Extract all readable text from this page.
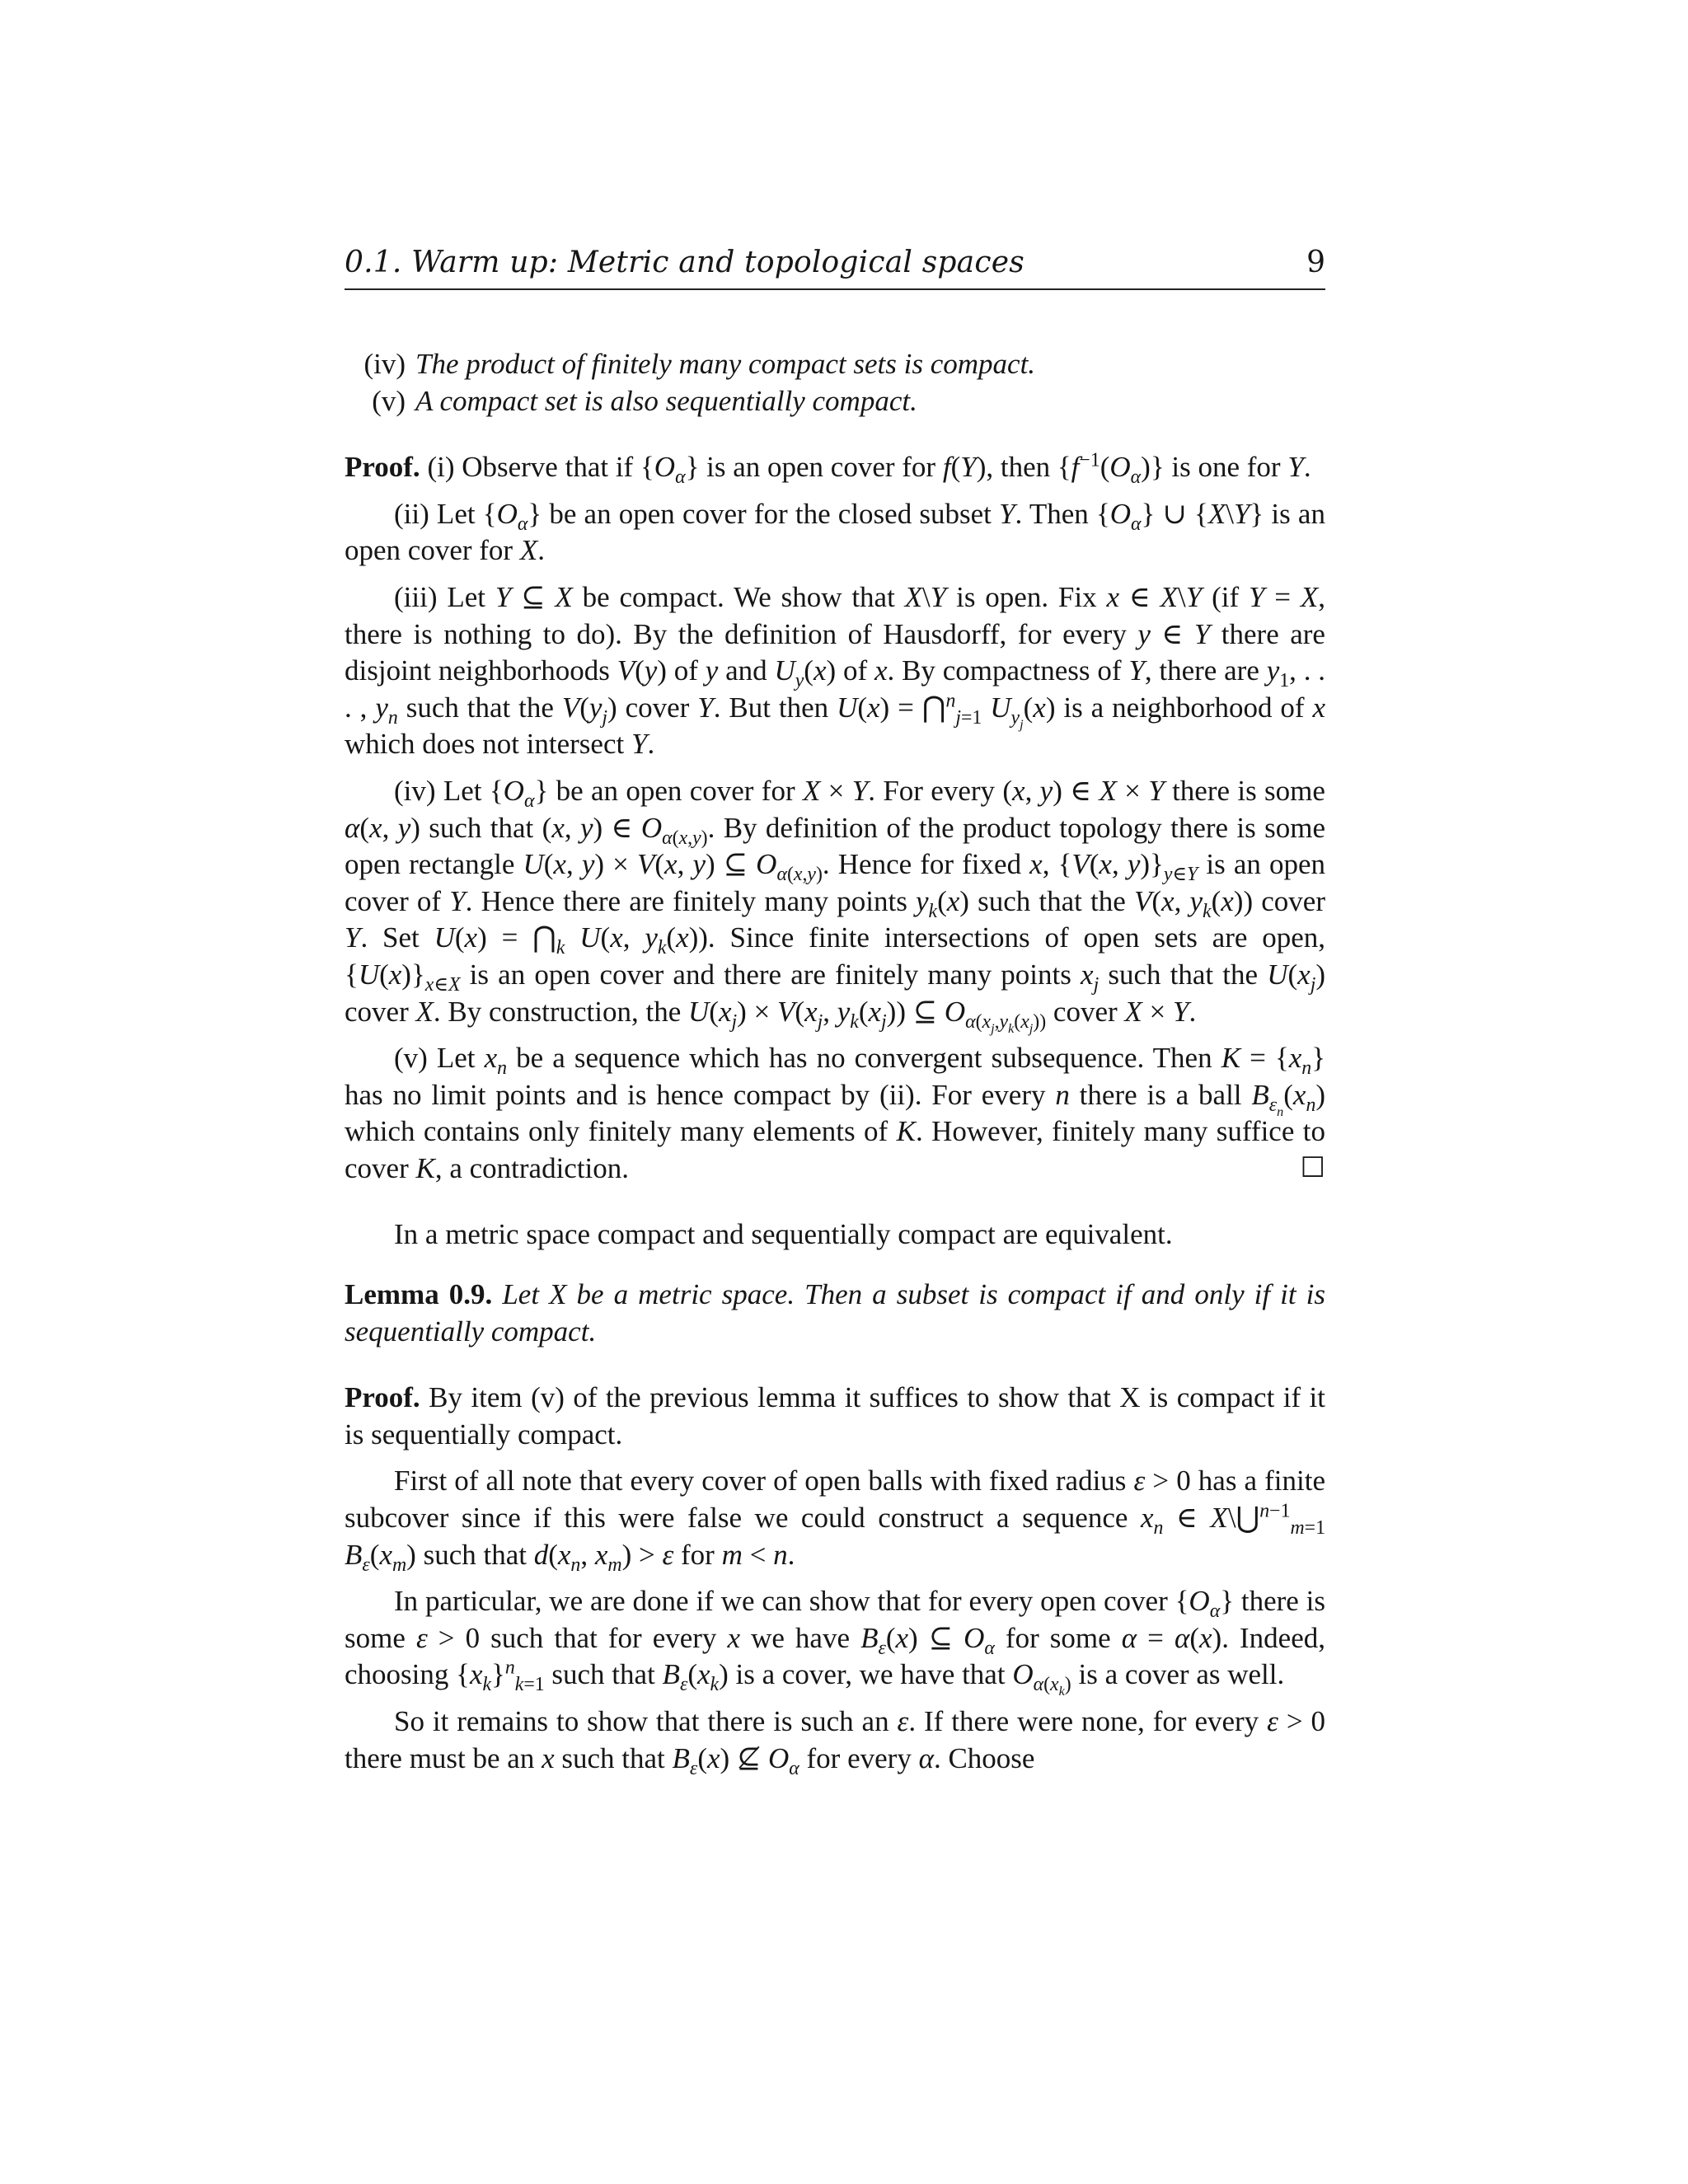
0.1. Warm up: Metric and topological spaces	9

(iv) The product of finitely many compact sets is compact.

(v) A compact set is also sequentially compact.

Proof. (i) Observe that if $\{O_\alpha\}$ is an open cover for f(Y), then $\{f^{-1}(O_\alpha)\}$ is one for Y.

(ii) Let $\{O_\alpha\}$ be an open cover for the closed subset Y. Then $\{O_\alpha\}$ ∪ {X\Y} is an open cover for X.

(iii) Let Y ⊆ X be compact. We show that X\Y is open. Fix x ∈ X\Y (if Y = X, there is nothing to do). By the definition of Hausdorff, for every y ∈ Y there are disjoint neighborhoods V(y) of y and $U_y(x)$ of x. By compactness of Y, there are $y_1$, . . . , $y_n$ such that the $V(y_j)$ cover Y. But then U(x) = ⋂$^n_{j=1}$ $U_{y_j}(x)$ is a neighborhood of x which does not intersect Y.

(iv) Let $\{O_\alpha\}$ be an open cover for X × Y. For every (x, y) ∈ X × Y there is some α(x, y) such that (x, y) ∈ $O_{\alpha(x,y)}$. By definition of the product topology there is some open rectangle U(x, y) × V(x, y) ⊆ $O_{\alpha(x,y)}$. Hence for fixed x, {V(x, $y)\}_{y\in Y}$ is an open cover of Y. Hence there are finitely many points $y_k(x)$ such that the V(x, $y_k(x)$) cover Y. Set $U(x) = ⋂_k$ U(x, $y_k(x)$). Since finite intersections of open sets are open, $\{U(x)\}_{x\in X}$ is an open cover and there are finitely many points $x_j$ such that the $U(x_j)$ cover X. By construction, the $U(x_j) \times V(x_j$, $y_k(x_j)$) ⊆ $O_{\alpha(x_j,y_k(x_j))}$ cover X × Y.

(v) Let $x_n$ be a sequence which has no convergent subsequence. Then $K = \{x_n\}$ has no limit points and is hence compact by (ii). For every n there is a ball $B_{\varepsilon_n}(x_n)$ which contains only finitely many elements of K. However, finitely many suffice to cover K, a contradiction.	☐

In a metric space compact and sequentially compact are equivalent.

Lemma 0.9. Let X be a metric space. Then a subset is compact if and only if it is sequentially compact.

Proof. By item (v) of the previous lemma it suffices to show that X is compact if it is sequentially compact.

First of all note that every cover of open balls with fixed radius ε > 0 has a finite subcover since if this were false we could construct a sequence $x_n$ ∈ X\⋃$^{n-1}_{m=1}$ $B_\varepsilon(x_m)$ such that $d(x_n$, $x_m) > \varepsilon$ for m < n.

In particular, we are done if we can show that for every open cover $\{O_\alpha\}$ there is some ε > 0 such that for every x we have $B_\varepsilon(x)$ ⊆ $O_\alpha$ for some α = α(x). Indeed, choosing $\{x_k\}^n_{k=1}$ such that $B_\varepsilon(x_k)$ is a cover, we have that $O_{\alpha(x_k)}$ is a cover as well.

So it remains to show that there is such an ε. If there were none, for every ε > 0 there must be an x such that $B_\varepsilon(x)$ ⊈ $O_\alpha$ for every α. Choose
